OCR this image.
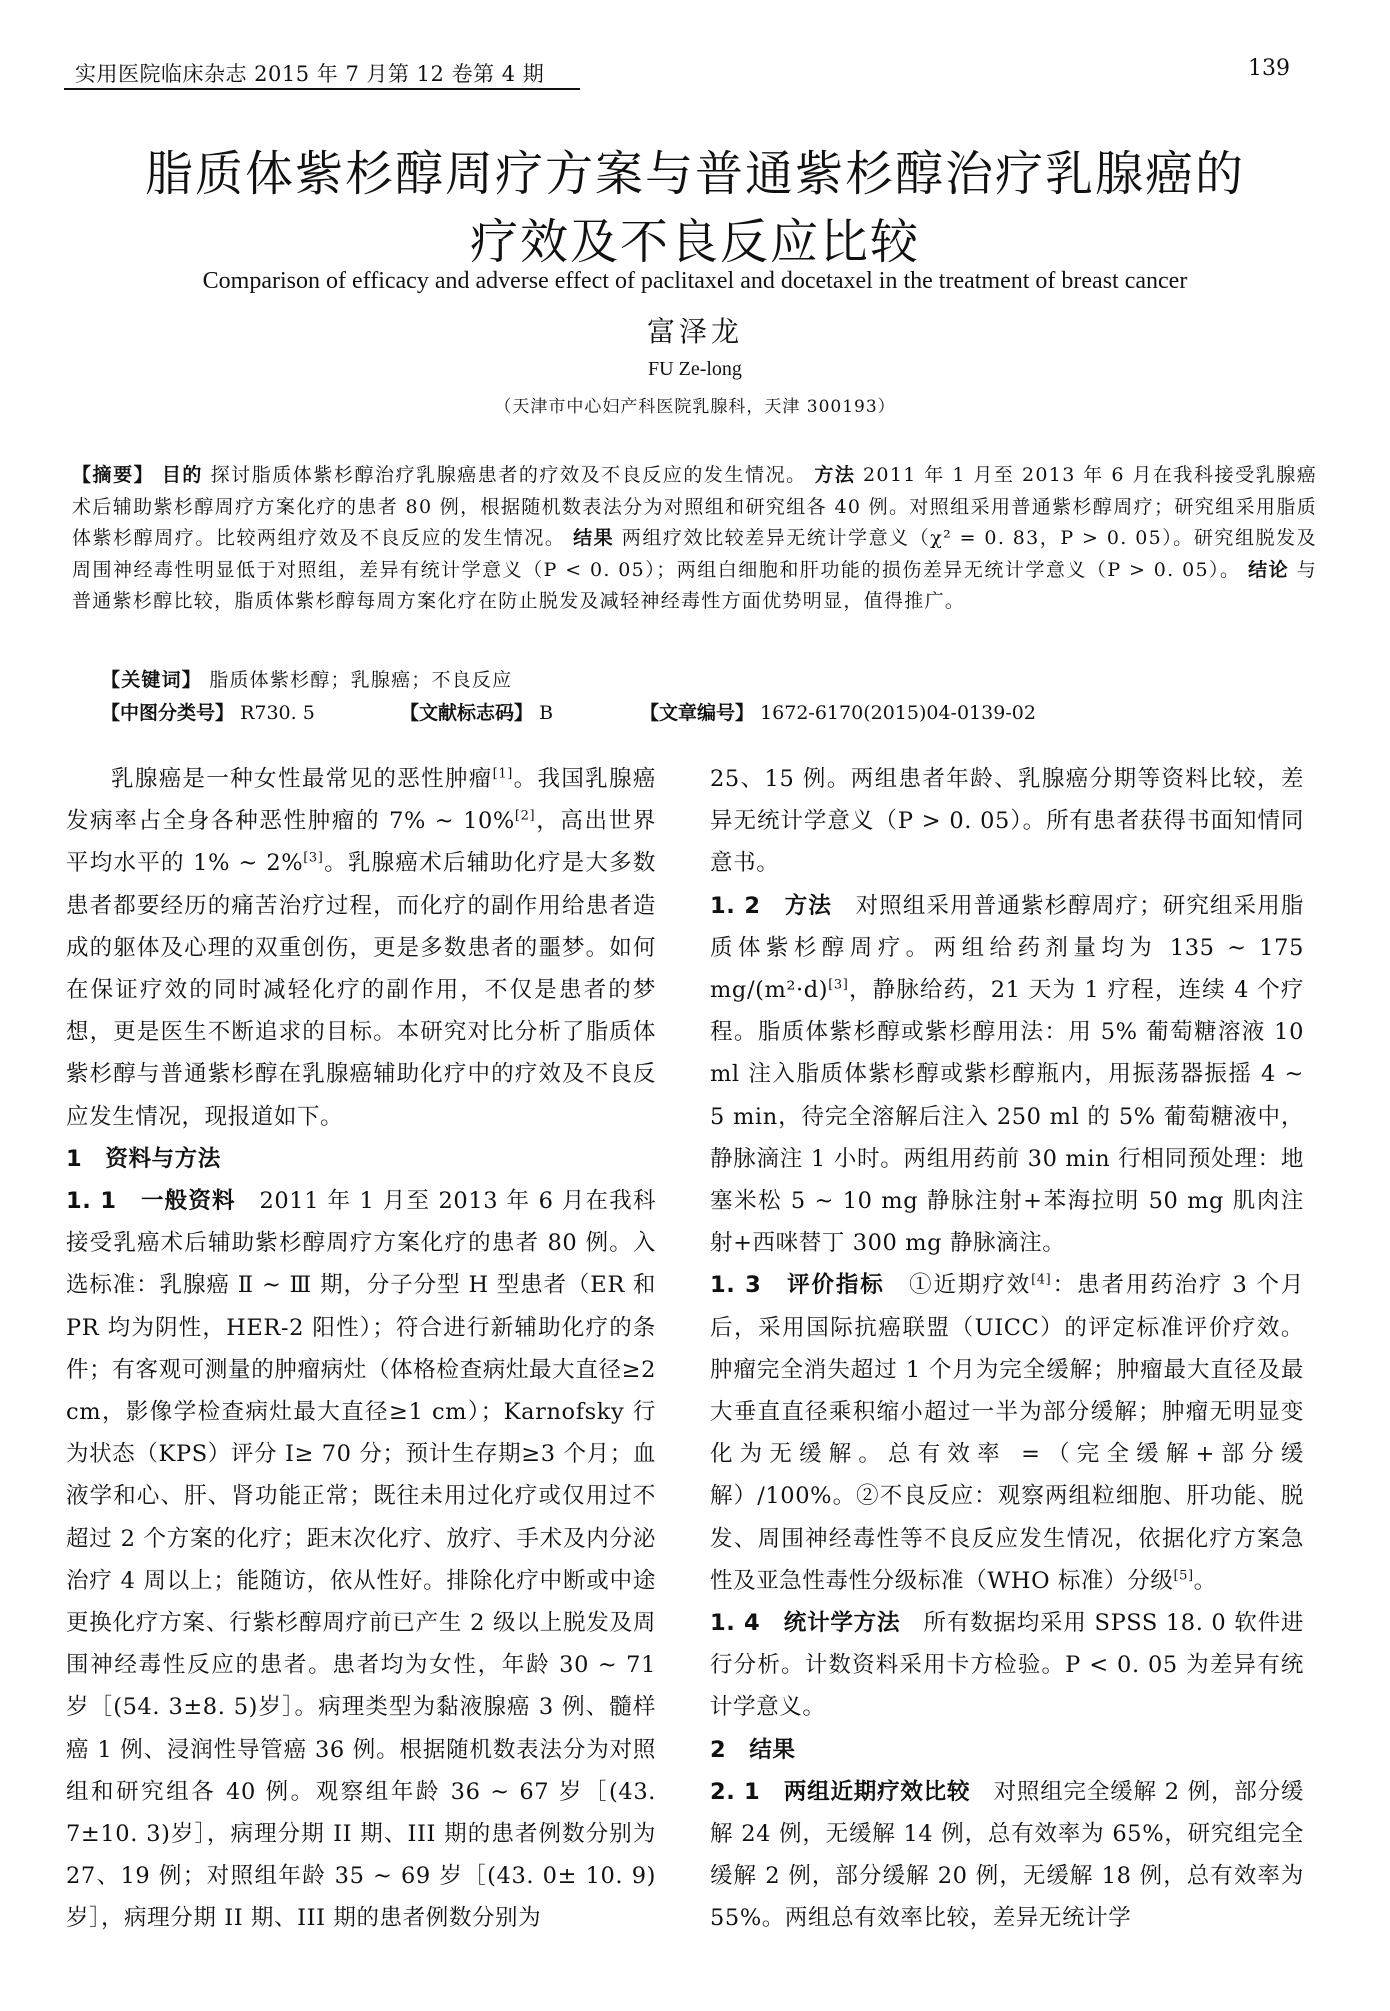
实用医院临床杂志 2015 年 7 月第 12 卷第 4 期	139
脂质体紫杉醇周疗方案与普通紫杉醇治疗乳腺癌的
疗效及不良反应比较
Comparison of efficacy and adverse effect of paclitaxel and docetaxel in the treatment of breast cancer
富泽龙
FU Ze-long
（天津市中心妇产科医院乳腺科，天津 300193）
【摘要】 目的 探讨脂质体紫杉醇治疗乳腺癌患者的疗效及不良反应的发生情况。 方法 2011 年 1 月至 2013 年 6 月在我科接受乳腺癌术后辅助紫杉醇周疗方案化疗的患者 80 例，根据随机数表法分为对照组和研究组各 40 例。对照组采用普通紫杉醇周疗；研究组采用脂质体紫杉醇周疗。比较两组疗效及不良反应的发生情况。 结果 两组疗效比较差异无统计学意义（χ² = 0. 83，P > 0. 05）。研究组脱发及周围神经毒性明显低于对照组，差异有统计学意义（P < 0. 05）；两组白细胞和肝功能的损伤差异无统计学意义（P > 0. 05）。 结论 与普通紫杉醇比较，脂质体紫杉醇每周方案化疗在防止脱发及减轻神经毒性方面优势明显，值得推广。
【关键词】 脂质体紫杉醇；乳腺癌；不良反应
【中图分类号】 R730. 5	【文献标志码】 B	【文章编号】 1672-6170(2015)04-0139-02

乳腺癌是一种女性最常见的恶性肿瘤[1]。我国乳腺癌发病率占全身各种恶性肿瘤的 7% ~ 10%[2]，高出世界平均水平的 1% ~ 2%[3]。乳腺癌术后辅助化疗是大多数患者都要经历的痛苦治疗过程，而化疗的副作用给患者造成的躯体及心理的双重创伤，更是多数患者的噩梦。如何在保证疗效的同时减轻化疗的副作用，不仅是患者的梦想，更是医生不断追求的目标。本研究对比分析了脂质体紫杉醇与普通紫杉醇在乳腺癌辅助化疗中的疗效及不良反应发生情况，现报道如下。

1　资料与方法

1. 1　一般资料　 2011 年 1 月至 2013 年 6 月在我科接受乳癌术后辅助紫杉醇周疗方案化疗的患者 80 例。入选标准：乳腺癌 Ⅱ ~ Ⅲ 期，分子分型 H 型患者（ER 和 PR 均为阴性，HER-2 阳性）；符合进行新辅助化疗的条件；有客观可测量的肿瘤病灶（体格检查病灶最大直径≥2 cm，影像学检查病灶最大直径≥1 cm）；Karnofsky 行为状态（KPS）评分 I≥ 70 分；预计生存期≥3 个月；血液学和心、肝、肾功能正常；既往未用过化疗或仅用过不超过 2 个方案的化疗；距末次化疗、放疗、手术及内分泌治疗 4 周以上；能随访，依从性好。排除化疗中断或中途更换化疗方案、行紫杉醇周疗前已产生 2 级以上脱发及周围神经毒性反应的患者。患者均为女性，年龄 30 ~ 71 岁［(54. 3±8. 5)岁］。病理类型为黏液腺癌 3 例、髓样癌 1 例、浸润性导管癌 36 例。根据随机数表法分为对照组和研究组各 40 例。观察组年龄 36 ~ 67 岁［(43. 7±10. 3)岁］，病理分期 II 期、III 期的患者例数分别为 27、19 例；对照组年龄 35 ~ 69 岁［(43. 0± 10. 9)岁］，病理分期 II 期、III 期的患者例数分别为

25、15 例。两组患者年龄、乳腺癌分期等资料比较，差异无统计学意义（P > 0. 05）。所有患者获得书面知情同意书。

1. 2　方法　 对照组采用普通紫杉醇周疗；研究组采用脂质体紫杉醇周疗。两组给药剂量均为 135 ~ 175 mg/(m²·d)[3]，静脉给药，21 天为 1 疗程，连续 4 个疗程。脂质体紫杉醇或紫杉醇用法：用 5% 葡萄糖溶液 10 ml 注入脂质体紫杉醇或紫杉醇瓶内，用振荡器振摇 4 ~ 5 min，待完全溶解后注入 250 ml 的 5% 葡萄糖液中，静脉滴注 1 小时。两组用药前 30 min 行相同预处理：地塞米松 5 ~ 10 mg 静脉注射+苯海拉明 50 mg 肌肉注射+西咪替丁 300 mg 静脉滴注。

1. 3　评价指标　 ①近期疗效[4]：患者用药治疗 3 个月后，采用国际抗癌联盟（UICC）的评定标准评价疗效。肿瘤完全消失超过 1 个月为完全缓解；肿瘤最大直径及最大垂直直径乘积缩小超过一半为部分缓解；肿瘤无明显变化为无缓解。总有效率 =（完全缓解+部分缓解）/100%。②不良反应：观察两组粒细胞、肝功能、脱发、周围神经毒性等不良反应发生情况，依据化疗方案急性及亚急性毒性分级标准（WHO 标准）分级[5]。

1. 4　统计学方法　 所有数据均采用 SPSS 18. 0 软件进行分析。计数资料采用卡方检验。P < 0. 05 为差异有统计学意义。

2　结果

2. 1　两组近期疗效比较　 对照组完全缓解 2 例，部分缓解 24 例，无缓解 14 例，总有效率为 65%，研究组完全缓解 2 例，部分缓解 20 例，无缓解 18 例，总有效率为 55%。两组总有效率比较，差异无统计学
